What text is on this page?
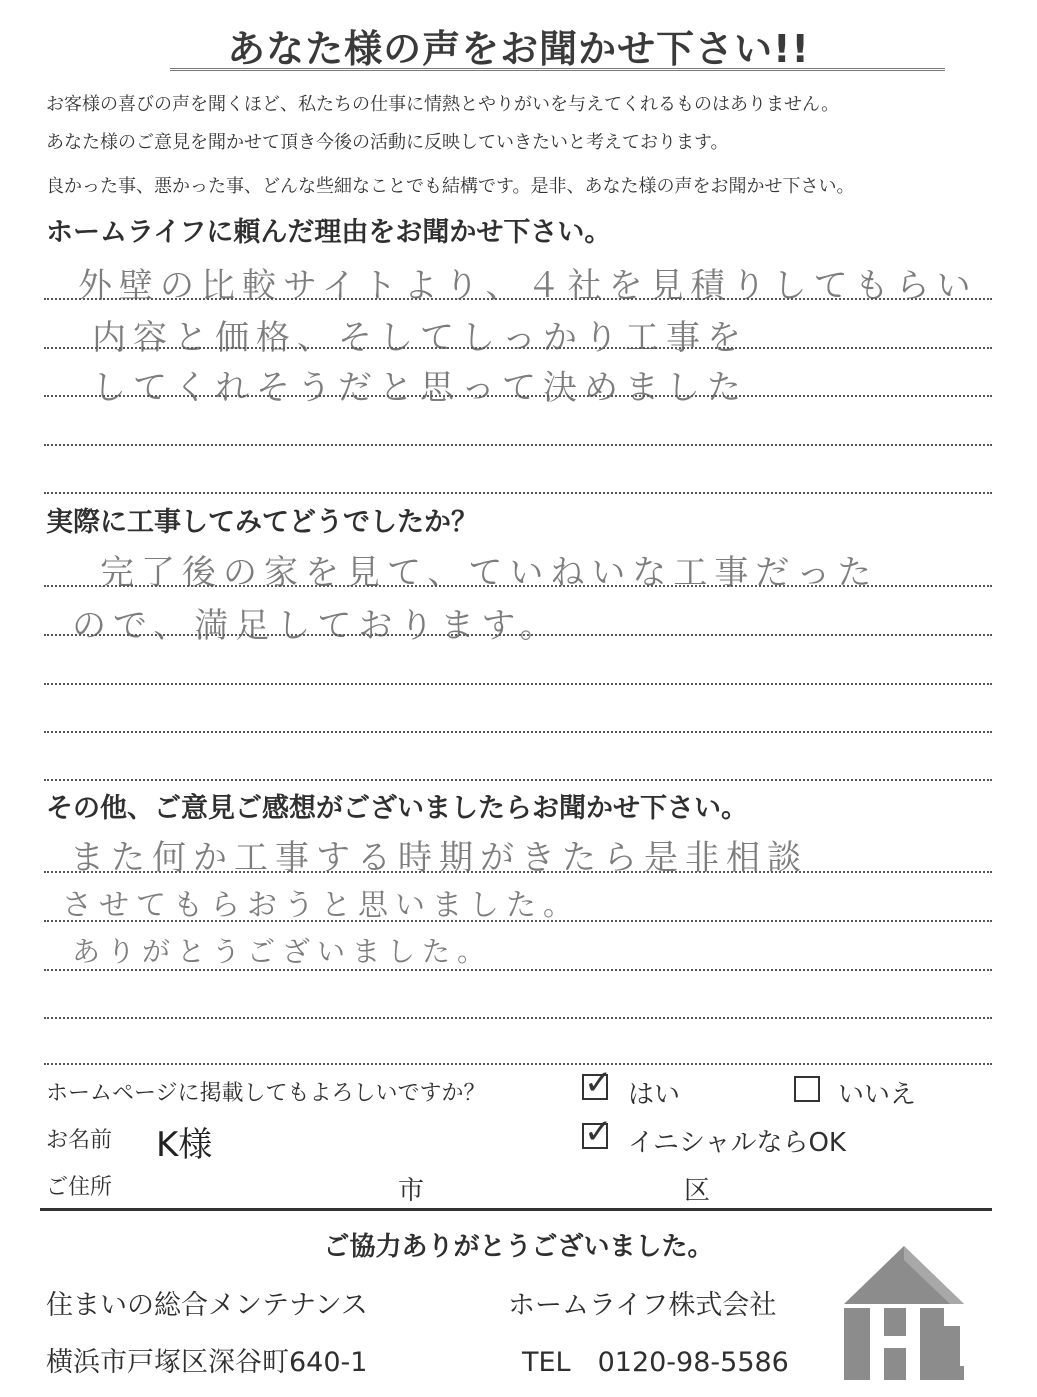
あなた様の声をお聞かせ下さい!!
お客様の喜びの声を聞くほど、私たちの仕事に情熱とやりがいを与えてくれるものはありません。
あなた様のご意見を聞かせて頂き今後の活動に反映していきたいと考えております。
良かった事、悪かった事、どんな些細なことでも結構です。是非、あなた様の声をお聞かせ下さい。
ホームライフに頼んだ理由をお聞かせ下さい。
外壁の比較サイトより、４社を見積りしてもらい
内容と価格、そしてしっかり工事を
してくれそうだと思って決めました
実際に工事してみてどうでしたか？
完了後の家を見て、ていねいな工事だった
ので、満足しております。
その他、ご意見ご感想がございましたらお聞かせ下さい。
また何か工事する時期がきたら是非相談
させてもらおうと思いました。
ありがとうございました。
ホームページに掲載してもよろしいですか？	✓ はい	いいえ
お名前 K様	✓ イニシャルならOK
ご住所	市	区
ご協力ありがとうございました。
住まいの総合メンテナンス	ホームライフ株式会社
横浜市戸塚区深谷町640-1	TEL　0120-98-5586
